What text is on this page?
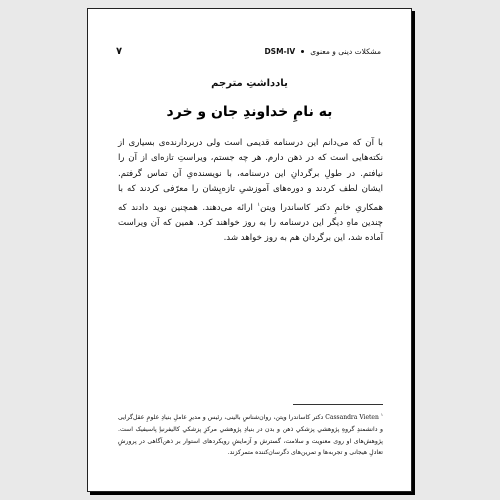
۷	DSM-IV مشکلات دینی و معنوی
یادداشتِ مترجم
به نامِ خداوندِ جان و خرد

با آن که می‌دانم این درسنامه قدیمی است ولی دربردارنده‌ی بسیاری از نکته‌هایی است که در ذهن دارم. هر چه جستم، ویراستِ تازه‌ای از آن را نیافتم. در طولِ برگردانِ این درسنامه، با نویسنده‌یِ آن تماس گرفتم. ایشان لطف کردند و دوره‌های آموزشیِ تازه‌یِشان را معرّفی کردند که با همکاریِ خانمِ دکتر کاساندرا ویتن$^۱$ ارائه می‌دهند. همچنین نوید دادند که چندین ماهِ دیگر این درسنامه را به روز خواهند کرد. همین که آن ویراست آماده شد، این برگردان هم به روز خواهد شد.

$^۱$ Cassandra Vieten دکتر کاساندرا ویتن، روان‌شناسِ بالینی، رئیس و مدیرِ عاملِ بنیادِ علومِ عقل‌گرایی و دانشمندِ گروهِ پژوهشیِ پزشکیِ ذهن و بدن در بنیادِ پژوهشیِ مرکزِ پزشکیِ کالیفرنیاِ پاسیفیک است. پژوهش‌های او روی معنویت و سلامت، گسترش و آزمایشِ رویکردهای استوار بر ذهن‌آگاهی در پرورشِ تعادلِ هیجانی و تجربه‌ها و تمرین‌های دگرسان‌کننده متمرکزند.
